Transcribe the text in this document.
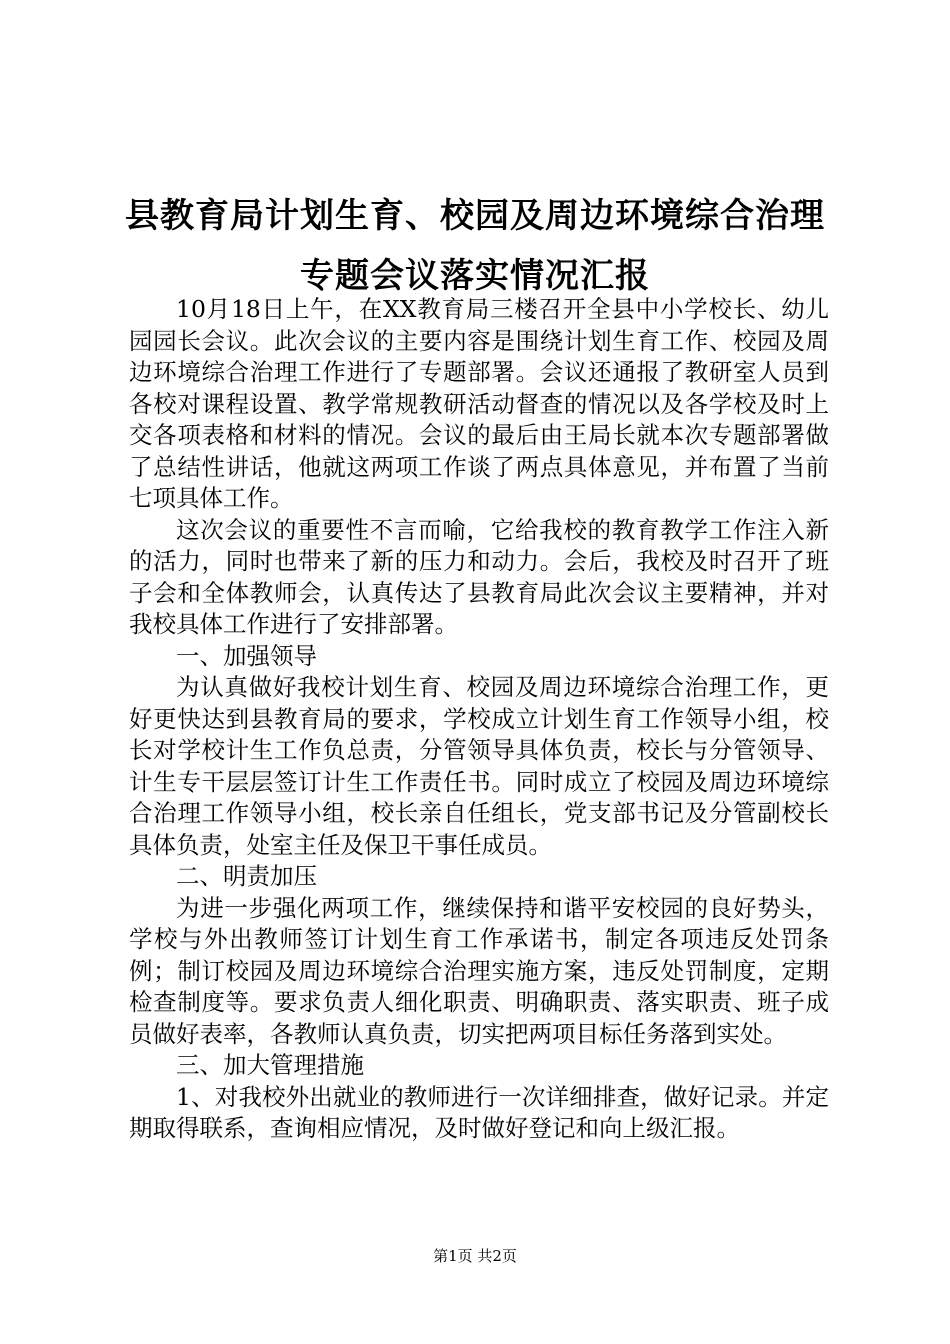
县教育局计划生育、校园及周边环境综合治理
专题会议落实情况汇报

10月18日上午，在XX教育局三楼召开全县中小学校长、幼儿园园长会议。此次会议的主要内容是围绕计划生育工作、校园及周边环境综合治理工作进行了专题部署。会议还通报了教研室人员到各校对课程设置、教学常规教研活动督查的情况以及各学校及时上交各项表格和材料的情况。会议的最后由王局长就本次专题部署做了总结性讲话，他就这两项工作谈了两点具体意见，并布置了当前七项具体工作。

这次会议的重要性不言而喻，它给我校的教育教学工作注入新的活力，同时也带来了新的压力和动力。会后，我校及时召开了班子会和全体教师会，认真传达了县教育局此次会议主要精神，并对我校具体工作进行了安排部署。

一、加强领导

为认真做好我校计划生育、校园及周边环境综合治理工作，更好更快达到县教育局的要求，学校成立计划生育工作领导小组，校长对学校计生工作负总责，分管领导具体负责，校长与分管领导、计生专干层层签订计生工作责任书。同时成立了校园及周边环境综合治理工作领导小组，校长亲自任组长，党支部书记及分管副校长具体负责，处室主任及保卫干事任成员。

二、明责加压

为进一步强化两项工作，继续保持和谐平安校园的良好势头，学校与外出教师签订计划生育工作承诺书，制定各项违反处罚条例；制订校园及周边环境综合治理实施方案，违反处罚制度，定期检查制度等。要求负责人细化职责、明确职责、落实职责、班子成员做好表率，各教师认真负责，切实把两项目标任务落到实处。

三、加大管理措施

1、对我校外出就业的教师进行一次详细排查，做好记录。并定期取得联系，查询相应情况，及时做好登记和向上级汇报。

第1页 共2页
